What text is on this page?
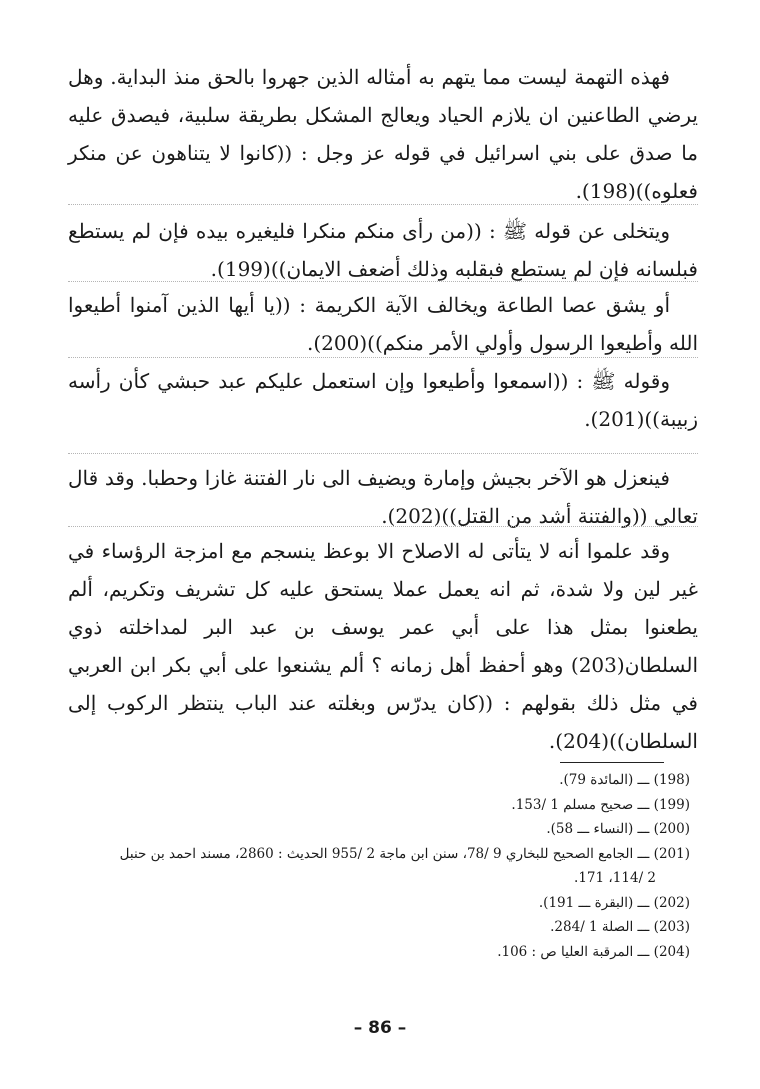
فهذه التهمة ليست مما يتهم به أمثاله الذين جهروا بالحق منذ البداية. وهل يرضي الطاعنين ان يلازم الحياد ويعالج المشكل بطريقة سلبية، فيصدق عليه ما صدق على بني اسرائيل في قوله عز وجل : ((كانوا لا يتناهون عن منكر فعلوه))(198).

ويتخلى عن قوله ﷺ : ((من رأى منكم منكرا فليغيره بيده فإن لم يستطع فبلسانه فإن لم يستطع فبقلبه وذلك أضعف الايمان))(199).

أو يشق عصا الطاعة ويخالف الآية الكريمة : ((يا أيها الذين آمنوا أطيعوا الله وأطيعوا الرسول وأولي الأمر منكم))(200).

وقوله ﷺ : ((اسمعوا وأطيعوا وإن استعمل عليكم عبد حبشي كأن رأسه زبيبة))(201).

فينعزل هو الآخر بجيش وإمارة ويضيف الى نار الفتنة غازا وحطبا. وقد قال تعالى ((والفتنة أشد من القتل))(202).

وقد علموا أنه لا يتأتى له الاصلاح الا بوعظ ينسجم مع امزجة الرؤساء في غير لين ولا شدة، ثم انه يعمل عملا يستحق عليه كل تشريف وتكريم، ألم يطعنوا بمثل هذا على أبي عمر يوسف بن عبد البر لمداخلته ذوي السلطان(203) وهو أحفظ أهل زمانه ؟ ألم يشنعوا على أبي بكر ابن العربي في مثل ذلك بقولهم : ((كان يدرّس وبغلته عند الباب ينتظر الركوب إلى السلطان))(204).

(198) ـــ (المائدة 79).

(199) ـــ صحيح مسلم 1 /153.

(200) ـــ (النساء ـــ 58).

(201) ـــ الجامع الصحيح للبخاري 9 /78، سنن ابن ماجة 2 /955 الحديث : 2860، مسند احمد بن حنبل

2 /114، 171.

(202) ـــ (البقرة ـــ 191).

(203) ـــ الصلة 1 /284.

(204) ـــ المرقبة العليا ص : 106.

– 86 –
